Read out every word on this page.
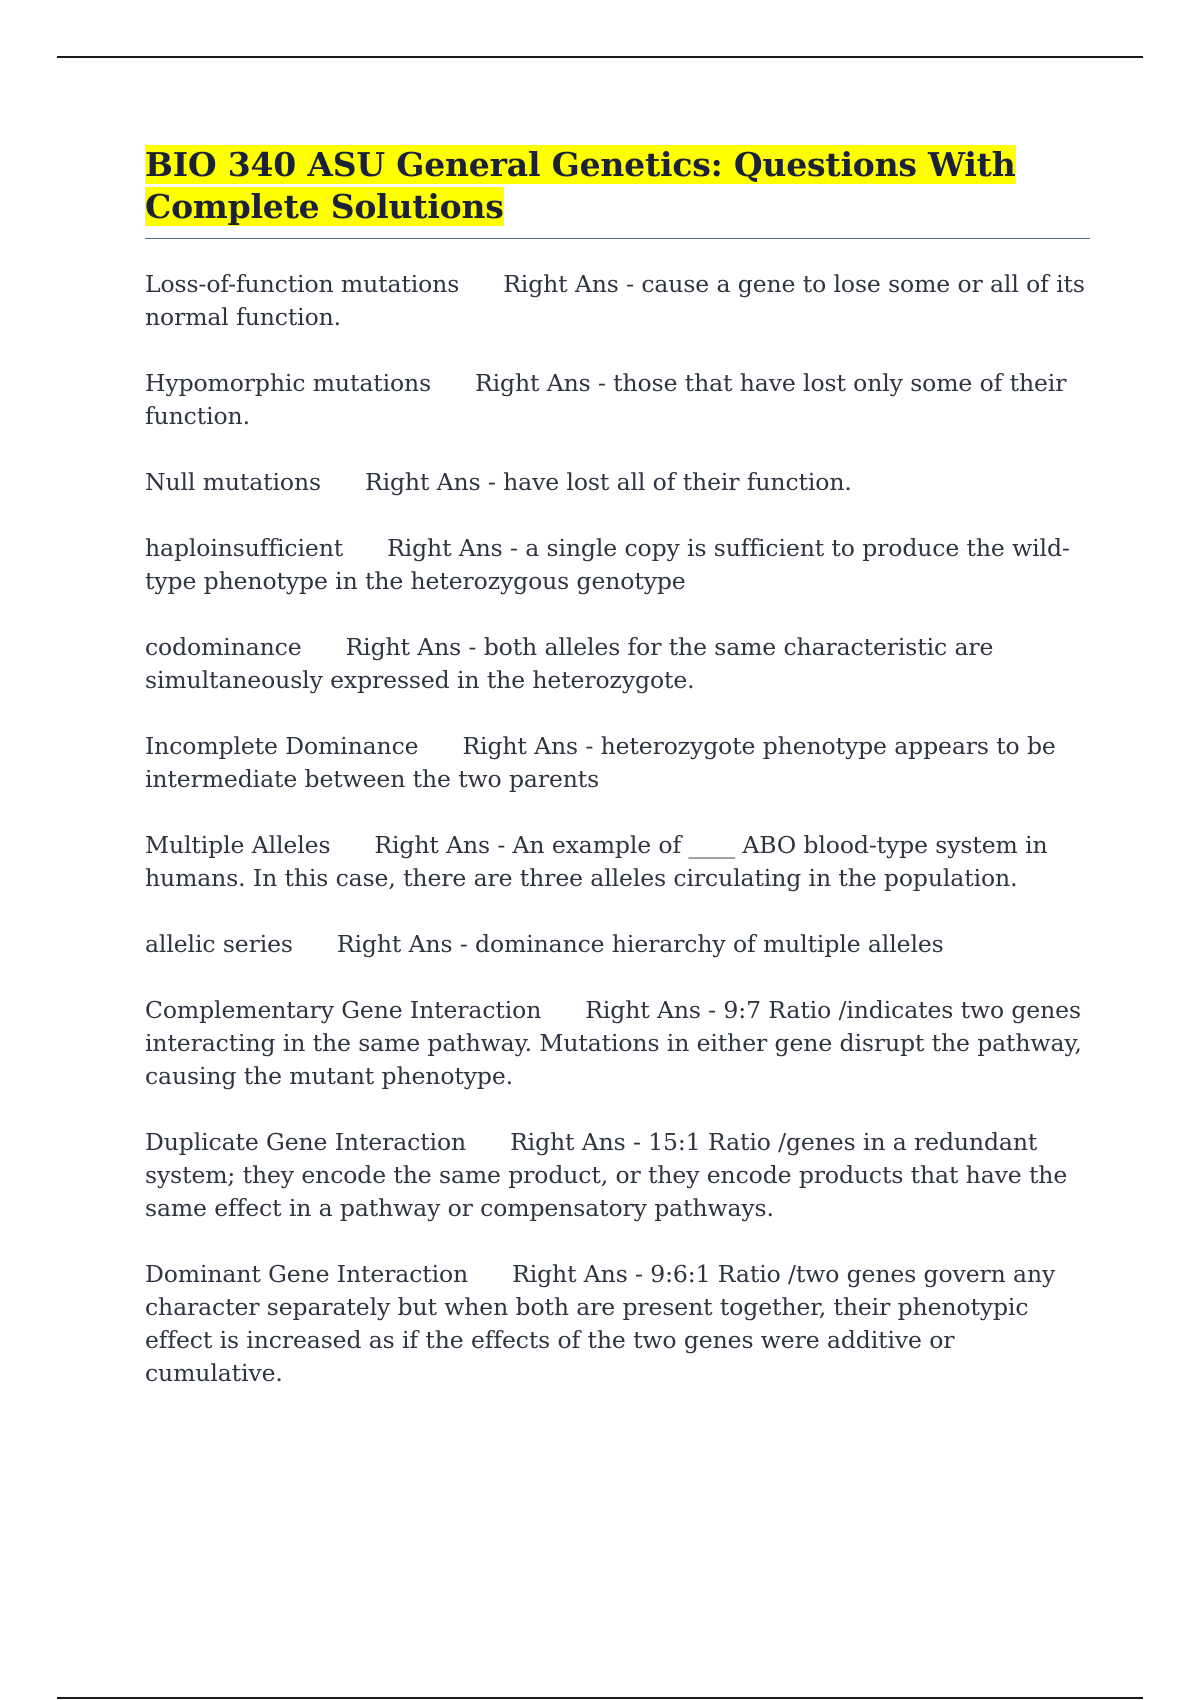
BIO 340 ASU General Genetics: Questions With Complete Solutions

Loss-of-function mutations Right Ans - cause a gene to lose some or all of its normal function.

Hypomorphic mutations Right Ans - those that have lost only some of their function.

Null mutations Right Ans - have lost all of their function.

haploinsufficient Right Ans - a single copy is sufficient to produce the wild-type phenotype in the heterozygous genotype

codominance Right Ans - both alleles for the same characteristic are simultaneously expressed in the heterozygote.

Incomplete Dominance Right Ans - heterozygote phenotype appears to be intermediate between the two parents

Multiple Alleles Right Ans - An example of ____ ABO blood-type system in humans. In this case, there are three alleles circulating in the population.

allelic series Right Ans - dominance hierarchy of multiple alleles

Complementary Gene Interaction Right Ans - 9:7 Ratio /indicates two genes interacting in the same pathway. Mutations in either gene disrupt the pathway, causing the mutant phenotype.

Duplicate Gene Interaction Right Ans - 15:1 Ratio /genes in a redundant system; they encode the same product, or they encode products that have the same effect in a pathway or compensatory pathways.

Dominant Gene Interaction Right Ans - 9:6:1 Ratio /two genes govern any character separately but when both are present together, their phenotypic effect is increased as if the effects of the two genes were additive or cumulative.
